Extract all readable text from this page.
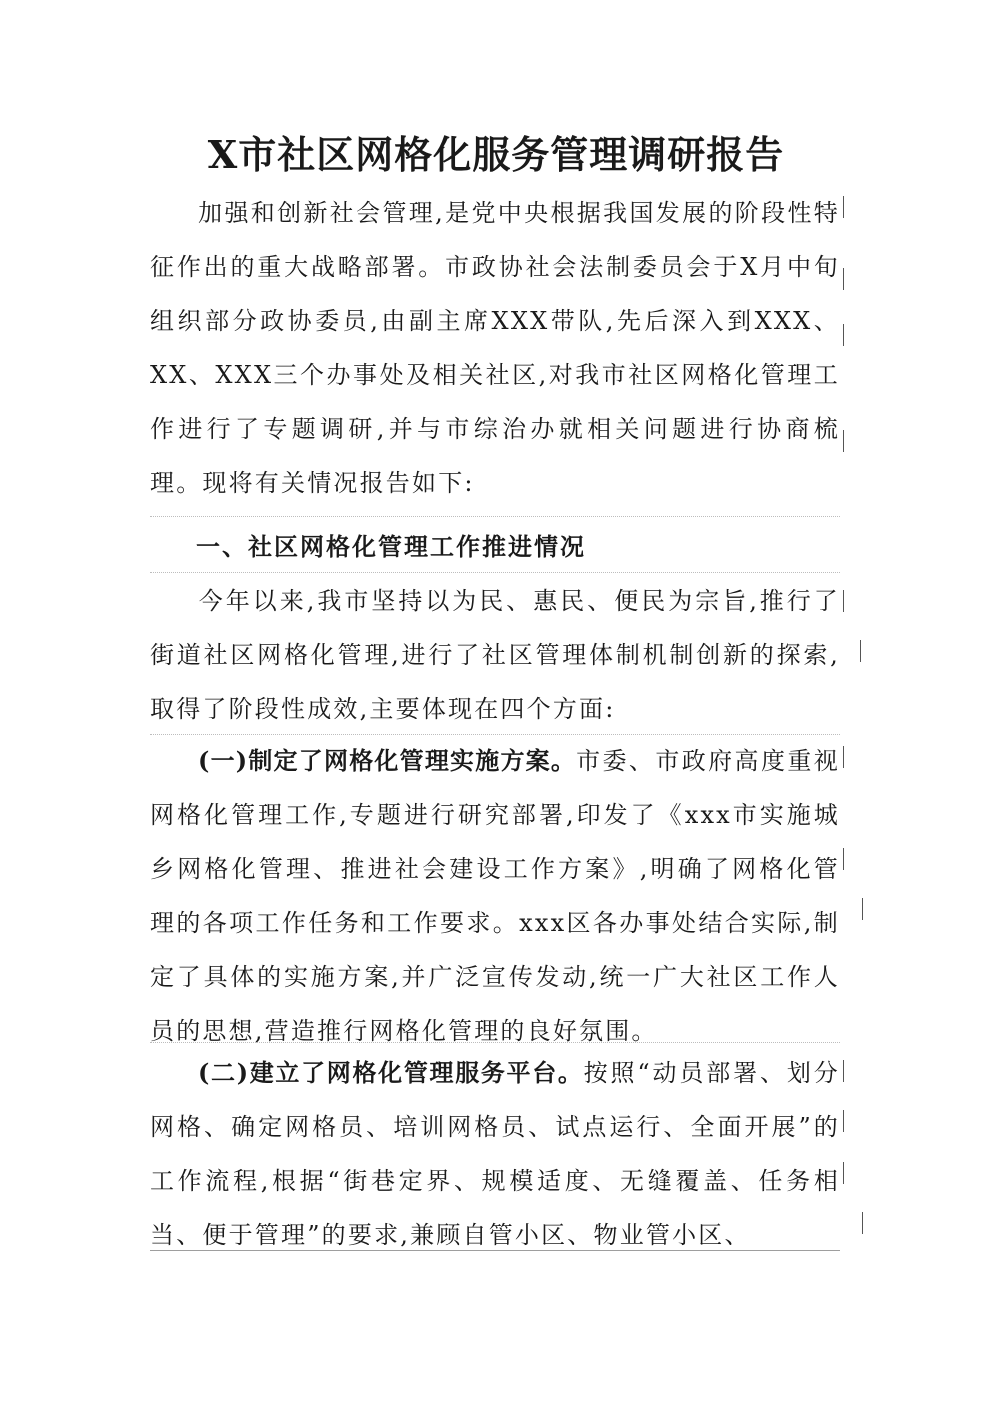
X市社区网格化服务管理调研报告
加强和创新社会管理,是党中央根据我国发展的阶段性特征作出的重大战略部署。市政协社会法制委员会于X月中旬组织部分政协委员,由副主席XXX带队,先后深入到XXX、XX、XXX三个办事处及相关社区,对我市社区网格化管理工作进行了专题调研,并与市综治办就相关问题进行协商梳理。现将有关情况报告如下:
一、社区网格化管理工作推进情况
今年以来,我市坚持以为民、惠民、便民为宗旨,推行了街道社区网格化管理,进行了社区管理体制机制创新的探索,取得了阶段性成效,主要体现在四个方面:
(一)制定了网格化管理实施方案。市委、市政府高度重视网格化管理工作,专题进行研究部署,印发了《xxx市实施城乡网格化管理、推进社会建设工作方案》,明确了网格化管理的各项工作任务和工作要求。xxx区各办事处结合实际,制定了具体的实施方案,并广泛宣传发动,统一广大社区工作人员的思想,营造推行网格化管理的良好氛围。
(二)建立了网格化管理服务平台。按照“动员部署、划分网格、确定网格员、培训网格员、试点运行、全面开展”的工作流程,根据“街巷定界、规模适度、无缝覆盖、任务相当、便于管理”的要求,兼顾自管小区、物业管小区、
